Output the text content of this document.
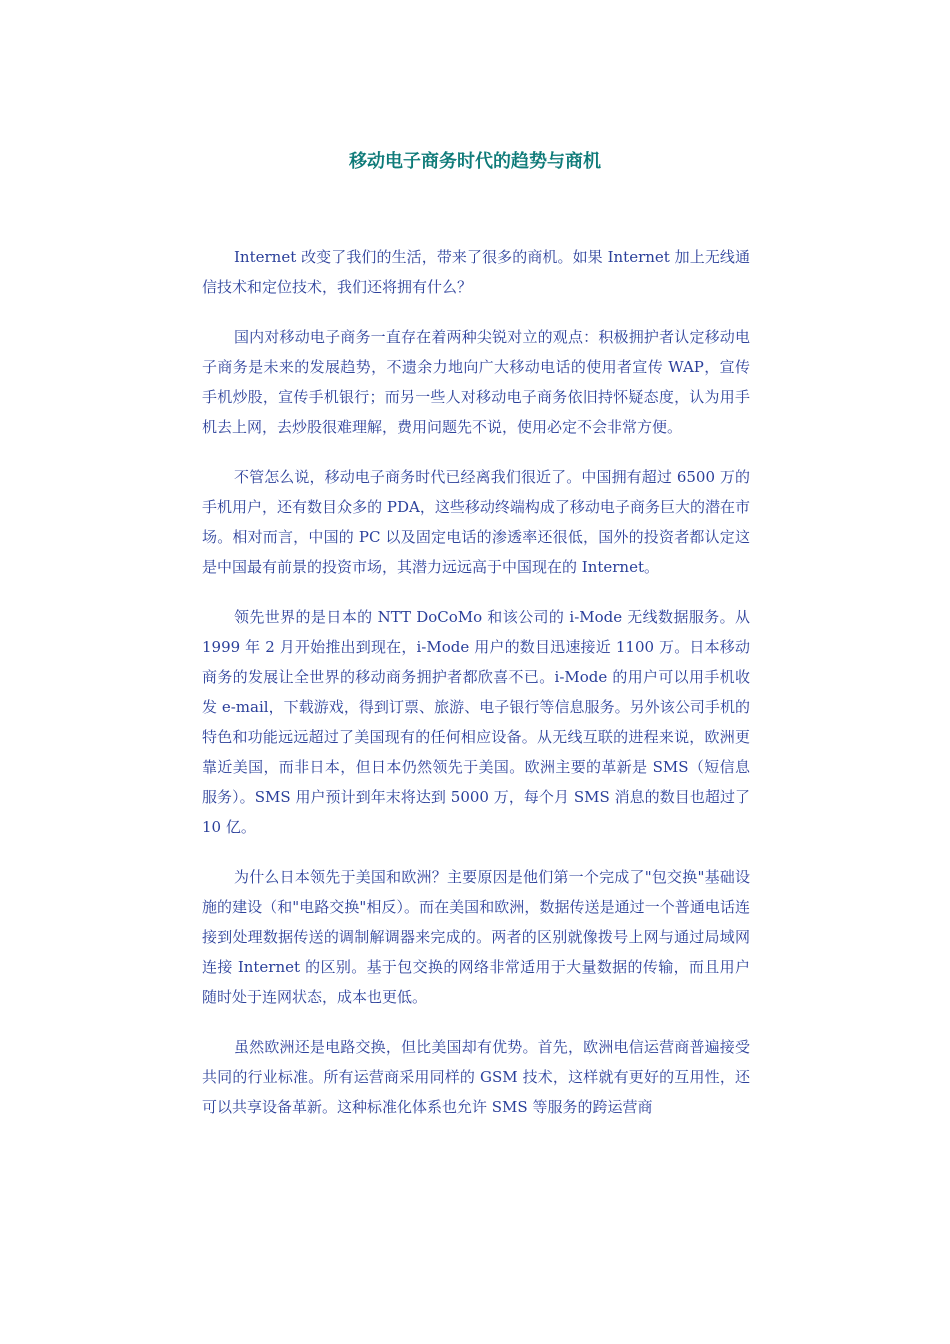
移动电子商务时代的趋势与商机

Internet 改变了我们的生活，带来了很多的商机。如果 Internet 加上无线通信技术和定位技术，我们还将拥有什么？

国内对移动电子商务一直存在着两种尖锐对立的观点：积极拥护者认定移动电子商务是未来的发展趋势，不遗余力地向广大移动电话的使用者宣传 WAP，宣传手机炒股，宣传手机银行；而另一些人对移动电子商务依旧持怀疑态度，认为用手机去上网，去炒股很难理解，费用问题先不说，使用必定不会非常方便。

不管怎么说，移动电子商务时代已经离我们很近了。中国拥有超过 6500 万的手机用户，还有数目众多的 PDA，这些移动终端构成了移动电子商务巨大的潜在市场。相对而言，中国的 PC 以及固定电话的渗透率还很低，国外的投资者都认定这是中国最有前景的投资市场，其潜力远远高于中国现在的 Internet。

领先世界的是日本的 NTT DoCoMo 和该公司的 i-Mode 无线数据服务。从 1999 年 2 月开始推出到现在，i-Mode 用户的数目迅速接近 1100 万。日本移动商务的发展让全世界的移动商务拥护者都欣喜不已。i-Mode 的用户可以用手机收发 e-mail，下载游戏，得到订票、旅游、电子银行等信息服务。另外该公司手机的特色和功能远远超过了美国现有的任何相应设备。从无线互联的进程来说，欧洲更靠近美国，而非日本，但日本仍然领先于美国。欧洲主要的革新是 SMS（短信息服务）。SMS 用户预计到年末将达到 5000 万，每个月 SMS 消息的数目也超过了 10 亿。

为什么日本领先于美国和欧洲？主要原因是他们第一个完成了"包交换"基础设施的建设（和"电路交换"相反）。而在美国和欧洲，数据传送是通过一个普通电话连接到处理数据传送的调制解调器来完成的。两者的区别就像拨号上网与通过局域网连接 Internet 的区别。基于包交换的网络非常适用于大量数据的传输，而且用户随时处于连网状态，成本也更低。

虽然欧洲还是电路交换，但比美国却有优势。首先，欧洲电信运营商普遍接受共同的行业标准。所有运营商采用同样的 GSM 技术，这样就有更好的互用性，还可以共享设备革新。这种标准化体系也允许 SMS 等服务的跨运营商
